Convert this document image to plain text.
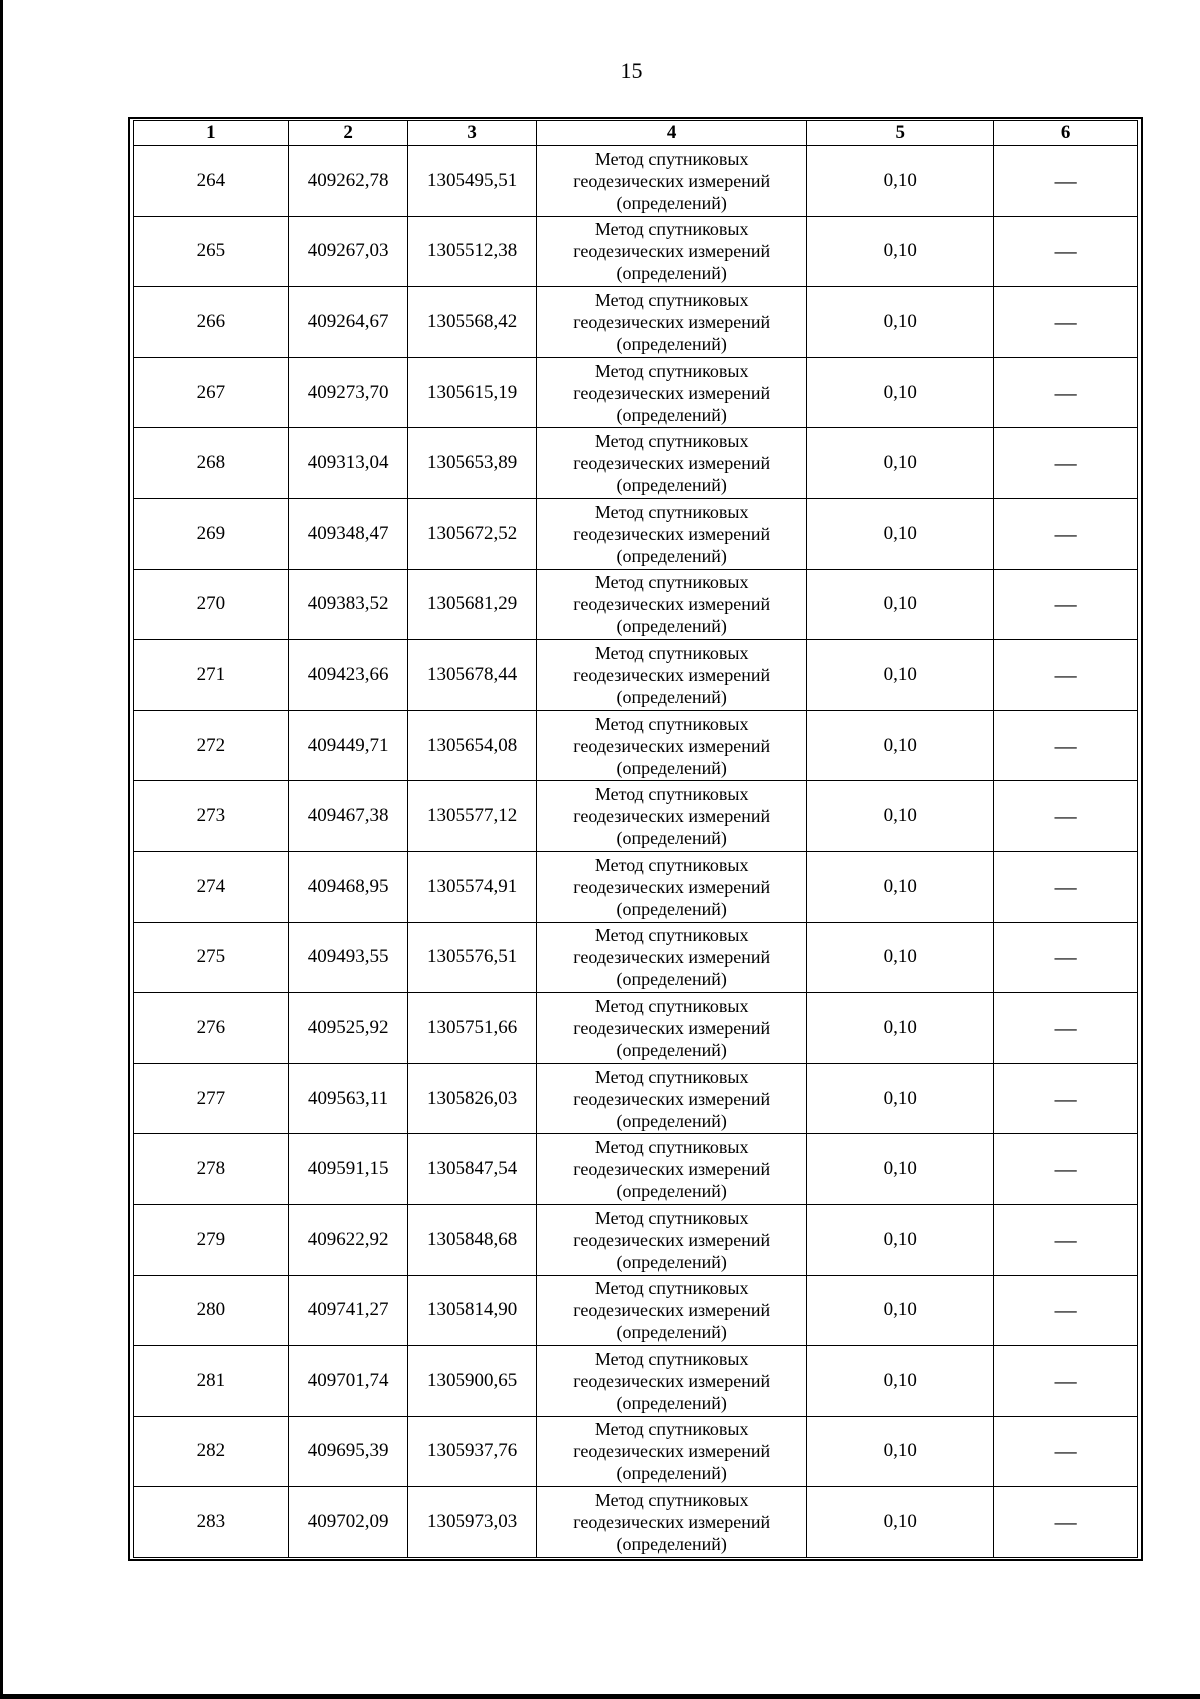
15
1	2	3	4	5	6
264	409262,78	1305495,51	Метод спутниковых
геодезических измерений
(определений)	0,10	—
265	409267,03	1305512,38	Метод спутниковых
геодезических измерений
(определений)	0,10	—
266	409264,67	1305568,42	Метод спутниковых
геодезических измерений
(определений)	0,10	—
267	409273,70	1305615,19	Метод спутниковых
геодезических измерений
(определений)	0,10	—
268	409313,04	1305653,89	Метод спутниковых
геодезических измерений
(определений)	0,10	—
269	409348,47	1305672,52	Метод спутниковых
геодезических измерений
(определений)	0,10	—
270	409383,52	1305681,29	Метод спутниковых
геодезических измерений
(определений)	0,10	—
271	409423,66	1305678,44	Метод спутниковых
геодезических измерений
(определений)	0,10	—
272	409449,71	1305654,08	Метод спутниковых
геодезических измерений
(определений)	0,10	—
273	409467,38	1305577,12	Метод спутниковых
геодезических измерений
(определений)	0,10	—
274	409468,95	1305574,91	Метод спутниковых
геодезических измерений
(определений)	0,10	—
275	409493,55	1305576,51	Метод спутниковых
геодезических измерений
(определений)	0,10	—
276	409525,92	1305751,66	Метод спутниковых
геодезических измерений
(определений)	0,10	—
277	409563,11	1305826,03	Метод спутниковых
геодезических измерений
(определений)	0,10	—
278	409591,15	1305847,54	Метод спутниковых
геодезических измерений
(определений)	0,10	—
279	409622,92	1305848,68	Метод спутниковых
геодезических измерений
(определений)	0,10	—
280	409741,27	1305814,90	Метод спутниковых
геодезических измерений
(определений)	0,10	—
281	409701,74	1305900,65	Метод спутниковых
геодезических измерений
(определений)	0,10	—
282	409695,39	1305937,76	Метод спутниковых
геодезических измерений
(определений)	0,10	—
283	409702,09	1305973,03	Метод спутниковых
геодезических измерений
(определений)	0,10	—
